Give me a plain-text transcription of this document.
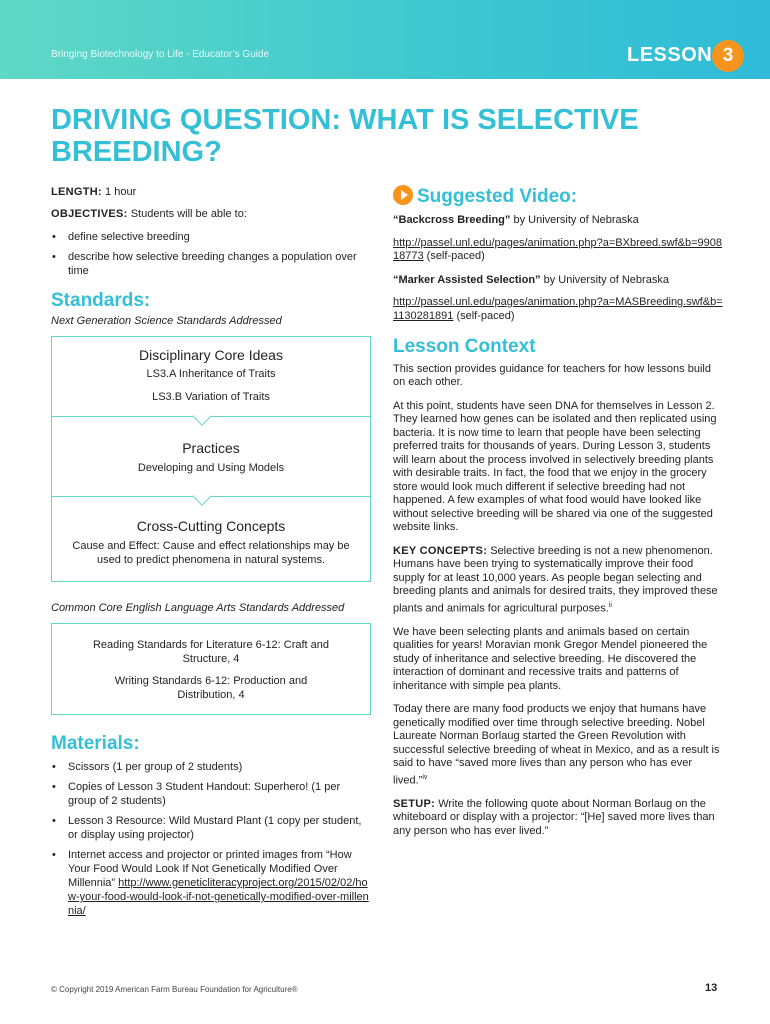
Bringing Biotechnology to Life - Educator’s Guide	LESSON 3
DRIVING QUESTION: WHAT IS SELECTIVE BREEDING?

LENGTH: 1 hour

OBJECTIVES: Students will be able to:

• define selective breeding
• describe how selective breeding changes a population over time

Standards:

Next Generation Science Standards Addressed

Disciplinary Core Ideas

LS3.A Inheritance of Traits

LS3.B Variation of Traits

Practices

Developing and Using Models

Cross-Cutting Concepts

Cause and Effect: Cause and effect relationships may be used to predict phenomena in natural systems.

Common Core English Language Arts Standards Addressed

Reading Standards for Literature 6-12: Craft and Structure, 4

Writing Standards 6-12: Production and Distribution, 4

Materials:

• Scissors (1 per group of 2 students)
• Copies of Lesson 3 Student Handout: Superhero! (1 per group of 2 students)
• Lesson 3 Resource: Wild Mustard Plant (1 copy per student, or display using projector)
• Internet access and projector or printed images from “How Your Food Would Look If Not Genetically Modified Over Millennia” http://www.geneticliteracyproject.org/2015/02/02/how-your-food-would-look-if-not-genetically-modified-over-millennia/

Suggested Video:

“Backcross Breeding” by University of Nebraska

http://passel.unl.edu/pages/animation.php?a=BXbreed.swf&b=990818773 (self-paced)

“Marker Assisted Selection” by University of Nebraska

http://passel.unl.edu/pages/animation.php?a=MASBreeding.swf&b=1130281891 (self-paced)

Lesson Context

This section provides guidance for teachers for how lessons build on each other.

At this point, students have seen DNA for themselves in Lesson 2. They learned how genes can be isolated and then replicated using bacteria. It is now time to learn that people have been selecting preferred traits for thousands of years. During Lesson 3, students will learn about the process involved in selectively breeding plants with desirable traits. In fact, the food that we enjoy in the grocery store would look much different if selective breeding had not happened. A few examples of what food would have looked like without selective breeding will be shared via one of the suggested website links.

KEY CONCEPTS: Selective breeding is not a new phenomenon. Humans have been trying to systematically improve their food supply for at least 10,000 years. As people began selecting and breeding plants and animals for desired traits, they improved these plants and animals for agricultural purposes.$^{ii}$

We have been selecting plants and animals based on certain qualities for years! Moravian monk Gregor Mendel pioneered the study of inheritance and selective breeding. He discovered the interaction of dominant and recessive traits and patterns of inheritance with simple pea plants.

Today there are many food products we enjoy that humans have genetically modified over time through selective breeding. Nobel Laureate Norman Borlaug started the Green Revolution with successful selective breeding of wheat in Mexico, and as a result is said to have “saved more lives than any person who has ever lived.”$^{iv}$

SETUP: Write the following quote about Norman Borlaug on the whiteboard or display with a projector: “[He] saved more lives than any person who has ever lived.”

© Copyright 2019 American Farm Bureau Foundation for Agriculture®	13
